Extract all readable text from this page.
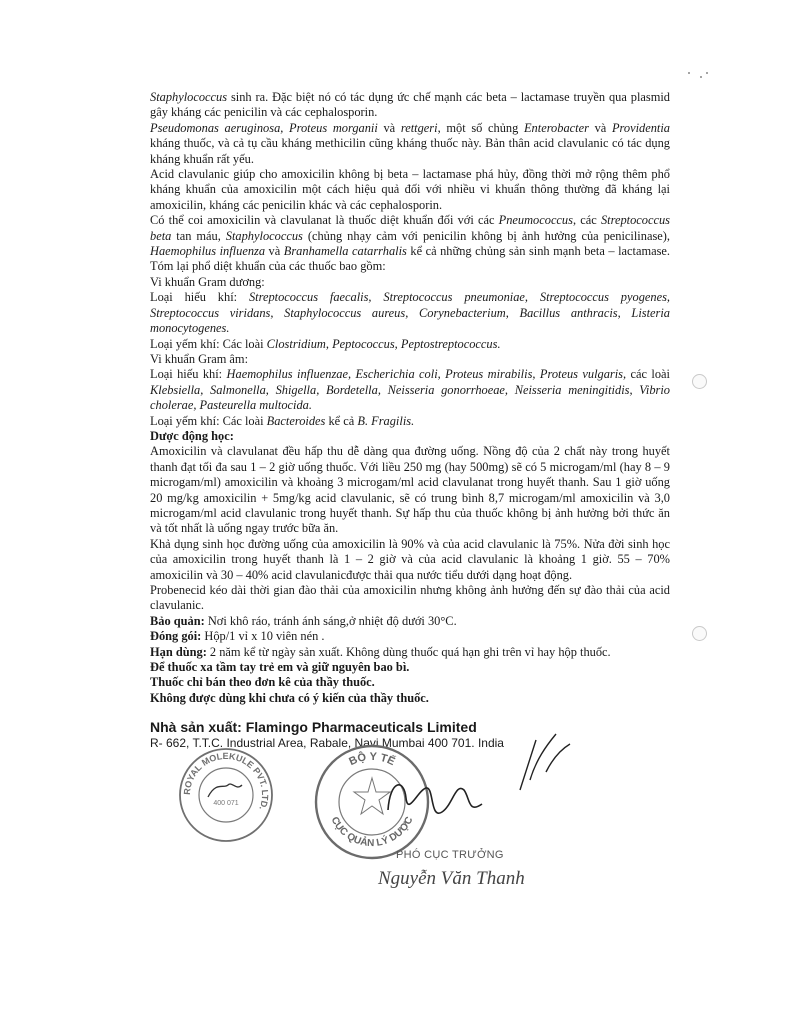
Staphylococcus sinh ra. Đặc biệt nó có tác dụng ức chế mạnh các beta – lactamase truyền qua plasmid gây kháng các penicilin và các cephalosporin.

Pseudomonas aeruginosa, Proteus morganii và rettgeri, một số chủng Enterobacter và Providentia kháng thuốc, và cả tụ cầu kháng methicilin cũng kháng thuốc này. Bản thân acid clavulanic có tác dụng kháng khuẩn rất yếu.

Acid clavulanic giúp cho amoxicilin không bị beta – lactamase phá hủy, đồng thời mở rộng thêm phổ kháng khuẩn của amoxicilin một cách hiệu quả đối với nhiều vi khuẩn thông thường đã kháng lại amoxicilin, kháng các penicilin khác và các cephalosporin.

Có thể coi amoxicilin và clavulanat là thuốc diệt khuẩn đối với các Pneumococcus, các Streptococcus beta tan máu, Staphylococcus (chủng nhạy cảm với penicilin không bị ảnh hưởng của penicilinase), Haemophilus influenza và Branhamella catarrhalis kể cả những chủng sản sinh mạnh beta – lactamase. Tóm lại phổ diệt khuẩn của các thuốc bao gồm:

Vi khuẩn Gram dương:

Loại hiếu khí: Streptococcus faecalis, Streptococcus pneumoniae, Streptococcus pyogenes, Streptococcus viridans, Staphylococcus aureus, Corynebacterium, Bacillus anthracis, Listeria monocytogenes.

Loại yếm khí: Các loài Clostridium, Peptococcus, Peptostreptococcus.

Vi khuẩn Gram âm:

Loại hiếu khí: Haemophilus influenzae, Escherichia coli, Proteus mirabilis, Proteus vulgaris, các loài Klebsiella, Salmonella, Shigella, Bordetella, Neisseria gonorrhoeae, Neisseria meningitidis, Vibrio cholerae, Pasteurella multocida.

Loại yếm khí: Các loài Bacteroides kể cả B. Fragilis.

Dược động học:

Amoxicilin và clavulanat đều hấp thu dễ dàng qua đường uống. Nồng độ của 2 chất này trong huyết thanh đạt tối đa sau 1 – 2 giờ uống thuốc. Với liều 250 mg (hay 500mg) sẽ có 5 microgam/ml (hay 8 – 9 microgam/ml) amoxicilin và khoảng 3 microgam/ml acid clavulanat trong huyết thanh. Sau 1 giờ uống 20 mg/kg amoxicilin + 5mg/kg acid clavulanic, sẽ có trung bình 8,7 microgam/ml amoxicilin và 3,0 microgam/ml acid clavulanic trong huyết thanh. Sự hấp thu của thuốc không bị ảnh hưởng bởi thức ăn và tốt nhất là uống ngay trước bữa ăn.

Khả dụng sinh học đường uống của amoxicilin là 90% và của acid clavulanic là 75%. Nửa đời sinh học của amoxicilin trong huyết thanh là 1 – 2 giờ và của acid clavulanic là khoảng 1 giờ. 55 – 70% amoxicilin và 30 – 40% acid clavulanicđược thải qua nước tiểu dưới dạng hoạt động.

Probenecid kéo dài thời gian đào thải của amoxicilin nhưng không ảnh hưởng đến sự đào thải của acid clavulanic.

Bảo quản: Nơi khô ráo, tránh ánh sáng,ở nhiệt độ dưới 30°C.

Đóng gói: Hộp/1 vỉ x 10 viên nén .

Hạn dùng: 2 năm kể từ ngày sản xuất. Không dùng thuốc quá hạn ghi trên vỉ hay hộp thuốc.

Để thuốc xa tầm tay trẻ em và giữ nguyên bao bì.

Thuốc chỉ bán theo đơn kê của thầy thuốc.

Không được dùng khi chưa có ý kiến của thầy thuốc.

Nhà sản xuất: Flamingo Pharmaceuticals Limited

R- 662, T.T.C. Industrial Area, Rabale, Navi Mumbai 400 701. India

ROYAL MOLEKULE PVT. LTD.
400 071
BỘ Y TẾ
CỤC QUẢN LÝ DƯỢC
PHÓ CỤC TRƯỞNG
Nguyễn Văn Thanh
